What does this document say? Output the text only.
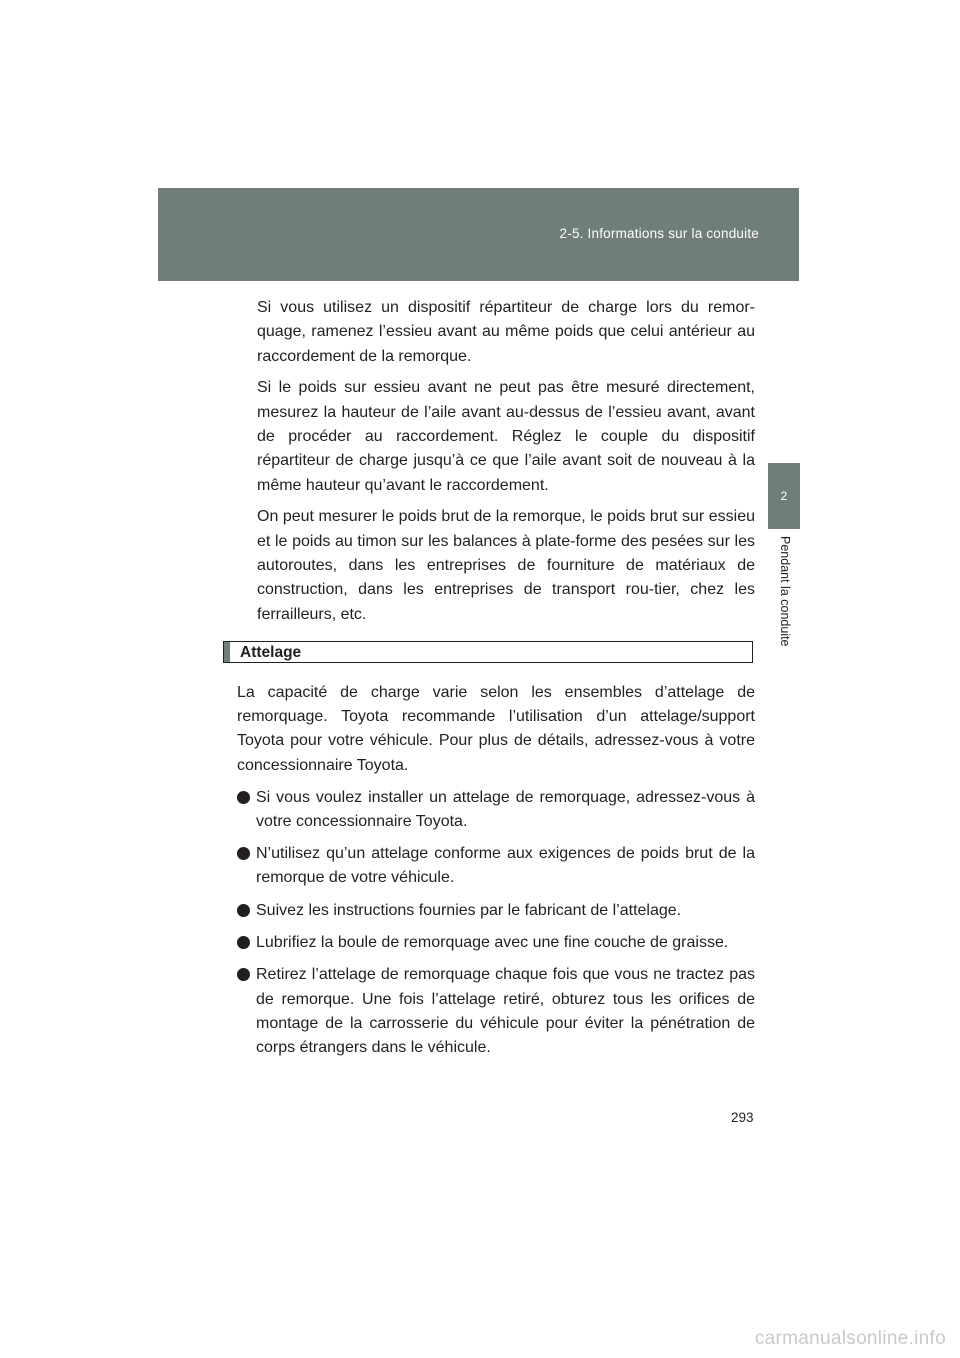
2-5. Informations sur la conduite
2
Pendant la conduite

Si vous utilisez un dispositif répartiteur de charge lors du remor-quage, ramenez l’essieu avant au même poids que celui antérieur au raccordement de la remorque.

Si le poids sur essieu avant ne peut pas être mesuré directement, mesurez la hauteur de l’aile avant au-dessus de l’essieu avant, avant de procéder au raccordement. Réglez le couple du dispositif répartiteur de charge jusqu’à ce que l’aile avant soit de nouveau à la même hauteur qu’avant le raccordement.

On peut mesurer le poids brut de la remorque, le poids brut sur essieu et le poids au timon sur les balances à plate-forme des pesées sur les autoroutes, dans les entreprises de fourniture de matériaux de construction, dans les entreprises de transport rou-tier, chez les ferrailleurs, etc.

Attelage

La capacité de charge varie selon les ensembles d’attelage de remorquage. Toyota recommande l’utilisation d’un attelage/support Toyota pour votre véhicule. Pour plus de détails, adressez-vous à votre concessionnaire Toyota.

Si vous voulez installer un attelage de remorquage, adressez-vous à votre concessionnaire Toyota.
N’utilisez qu’un attelage conforme aux exigences de poids brut de la remorque de votre véhicule.
Suivez les instructions fournies par le fabricant de l’attelage.
Lubrifiez la boule de remorquage avec une fine couche de graisse.
Retirez l’attelage de remorquage chaque fois que vous ne tractez pas de remorque. Une fois l’attelage retiré, obturez tous les orifices de montage de la carrosserie du véhicule pour éviter la pénétration de corps étrangers dans le véhicule.
293
carmanualsonline.info
